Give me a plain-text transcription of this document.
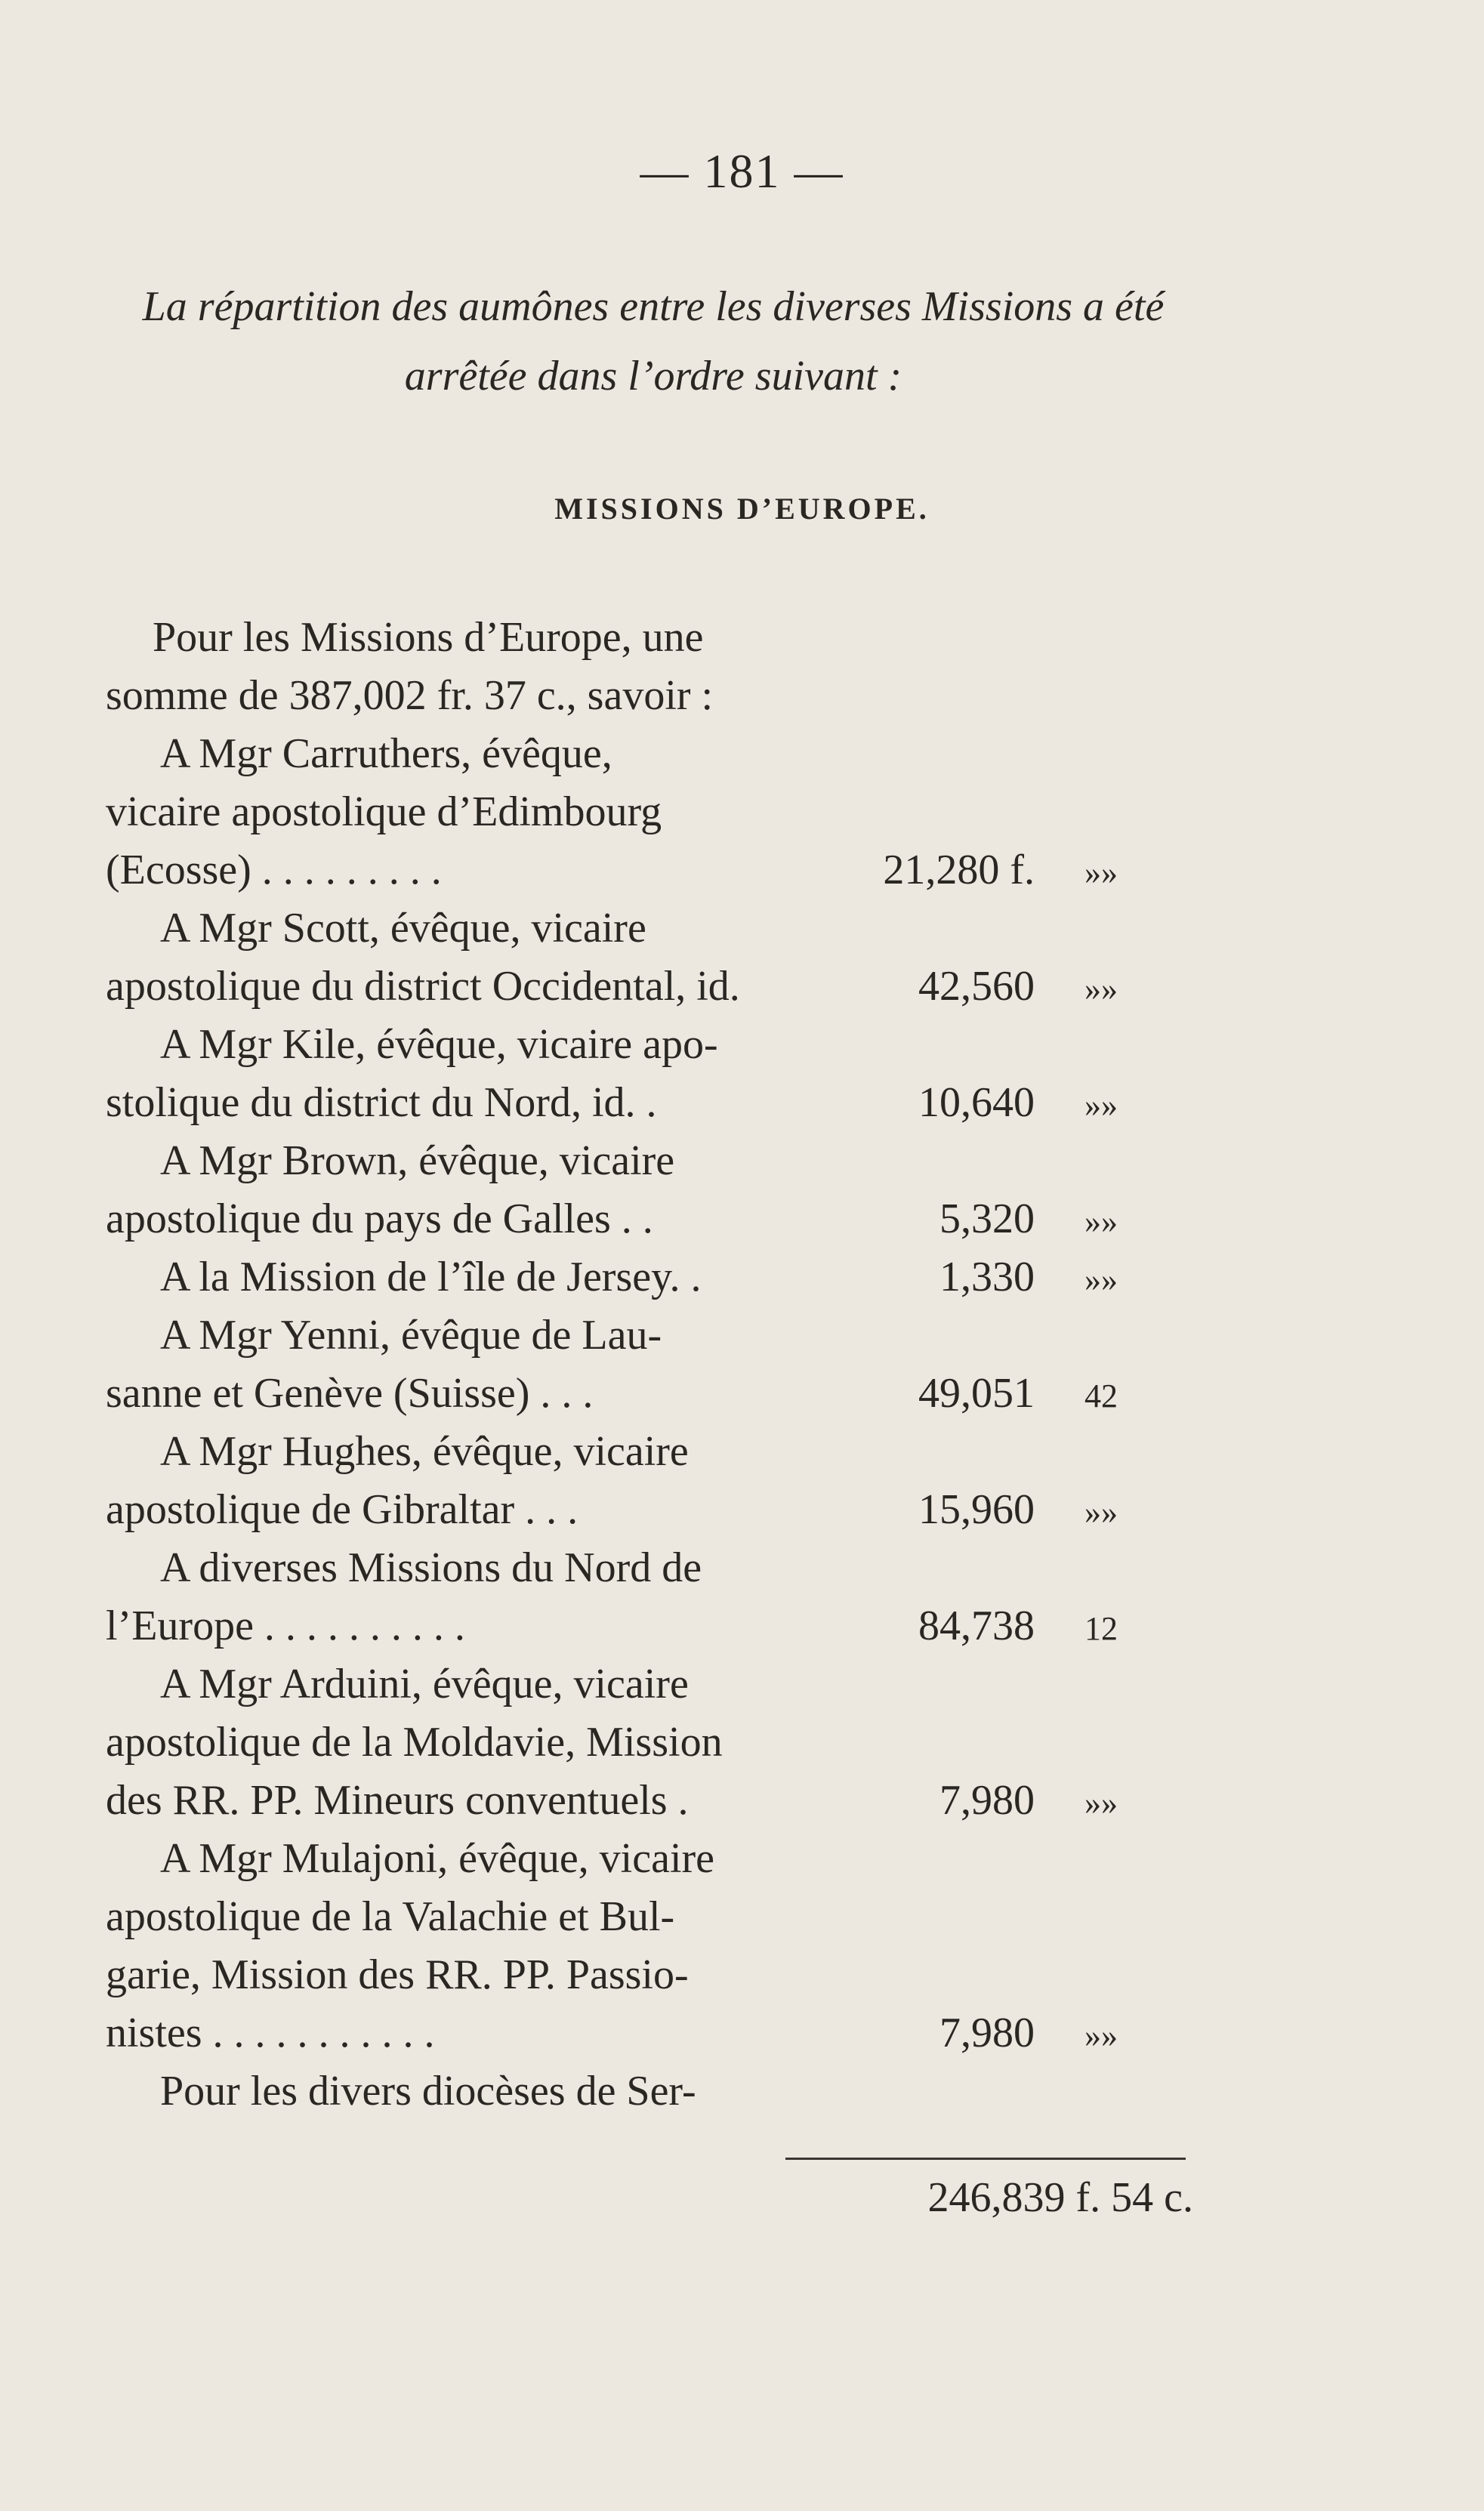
— 181 —
La répartition des aumônes entre les diverses Missions a été
arrêtée dans l’ordre suivant :
MISSIONS D’EUROPE.
Pour les Missions d’Europe, une
somme de 387,002 fr. 37 c., savoir :
A Mgr Carruthers, évêque,
vicaire apostolique d’Edimbourg
(Ecosse) . . . . . . . . .	21,280 f. »»
A Mgr Scott, évêque, vicaire
apostolique du district Occidental, id.	42,560 »»
A Mgr Kile, évêque, vicaire apo-
stolique du district du Nord, id. .	10,640 »»
A Mgr Brown, évêque, vicaire
apostolique du pays de Galles . .	5,320 »»
A la Mission de l’île de Jersey. .	1,330 »»
A Mgr Yenni, évêque de Lau-
sanne et Genève (Suisse) . . .	49,051 42
A Mgr Hughes, évêque, vicaire
apostolique de Gibraltar . . .	15,960 »»
A diverses Missions du Nord de
l’Europe . . . . . . . . . .	84,738 12
A Mgr Arduini, évêque, vicaire
apostolique de la Moldavie, Mission
des RR. PP. Mineurs conventuels .	7,980 »»
A Mgr Mulajoni, évêque, vicaire
apostolique de la Valachie et Bul-
garie, Mission des RR. PP. Passio-
nistes . . . . . . . . . . .	7,980 »»
Pour les divers diocèses de Ser-
246,839 f. 54 c.
